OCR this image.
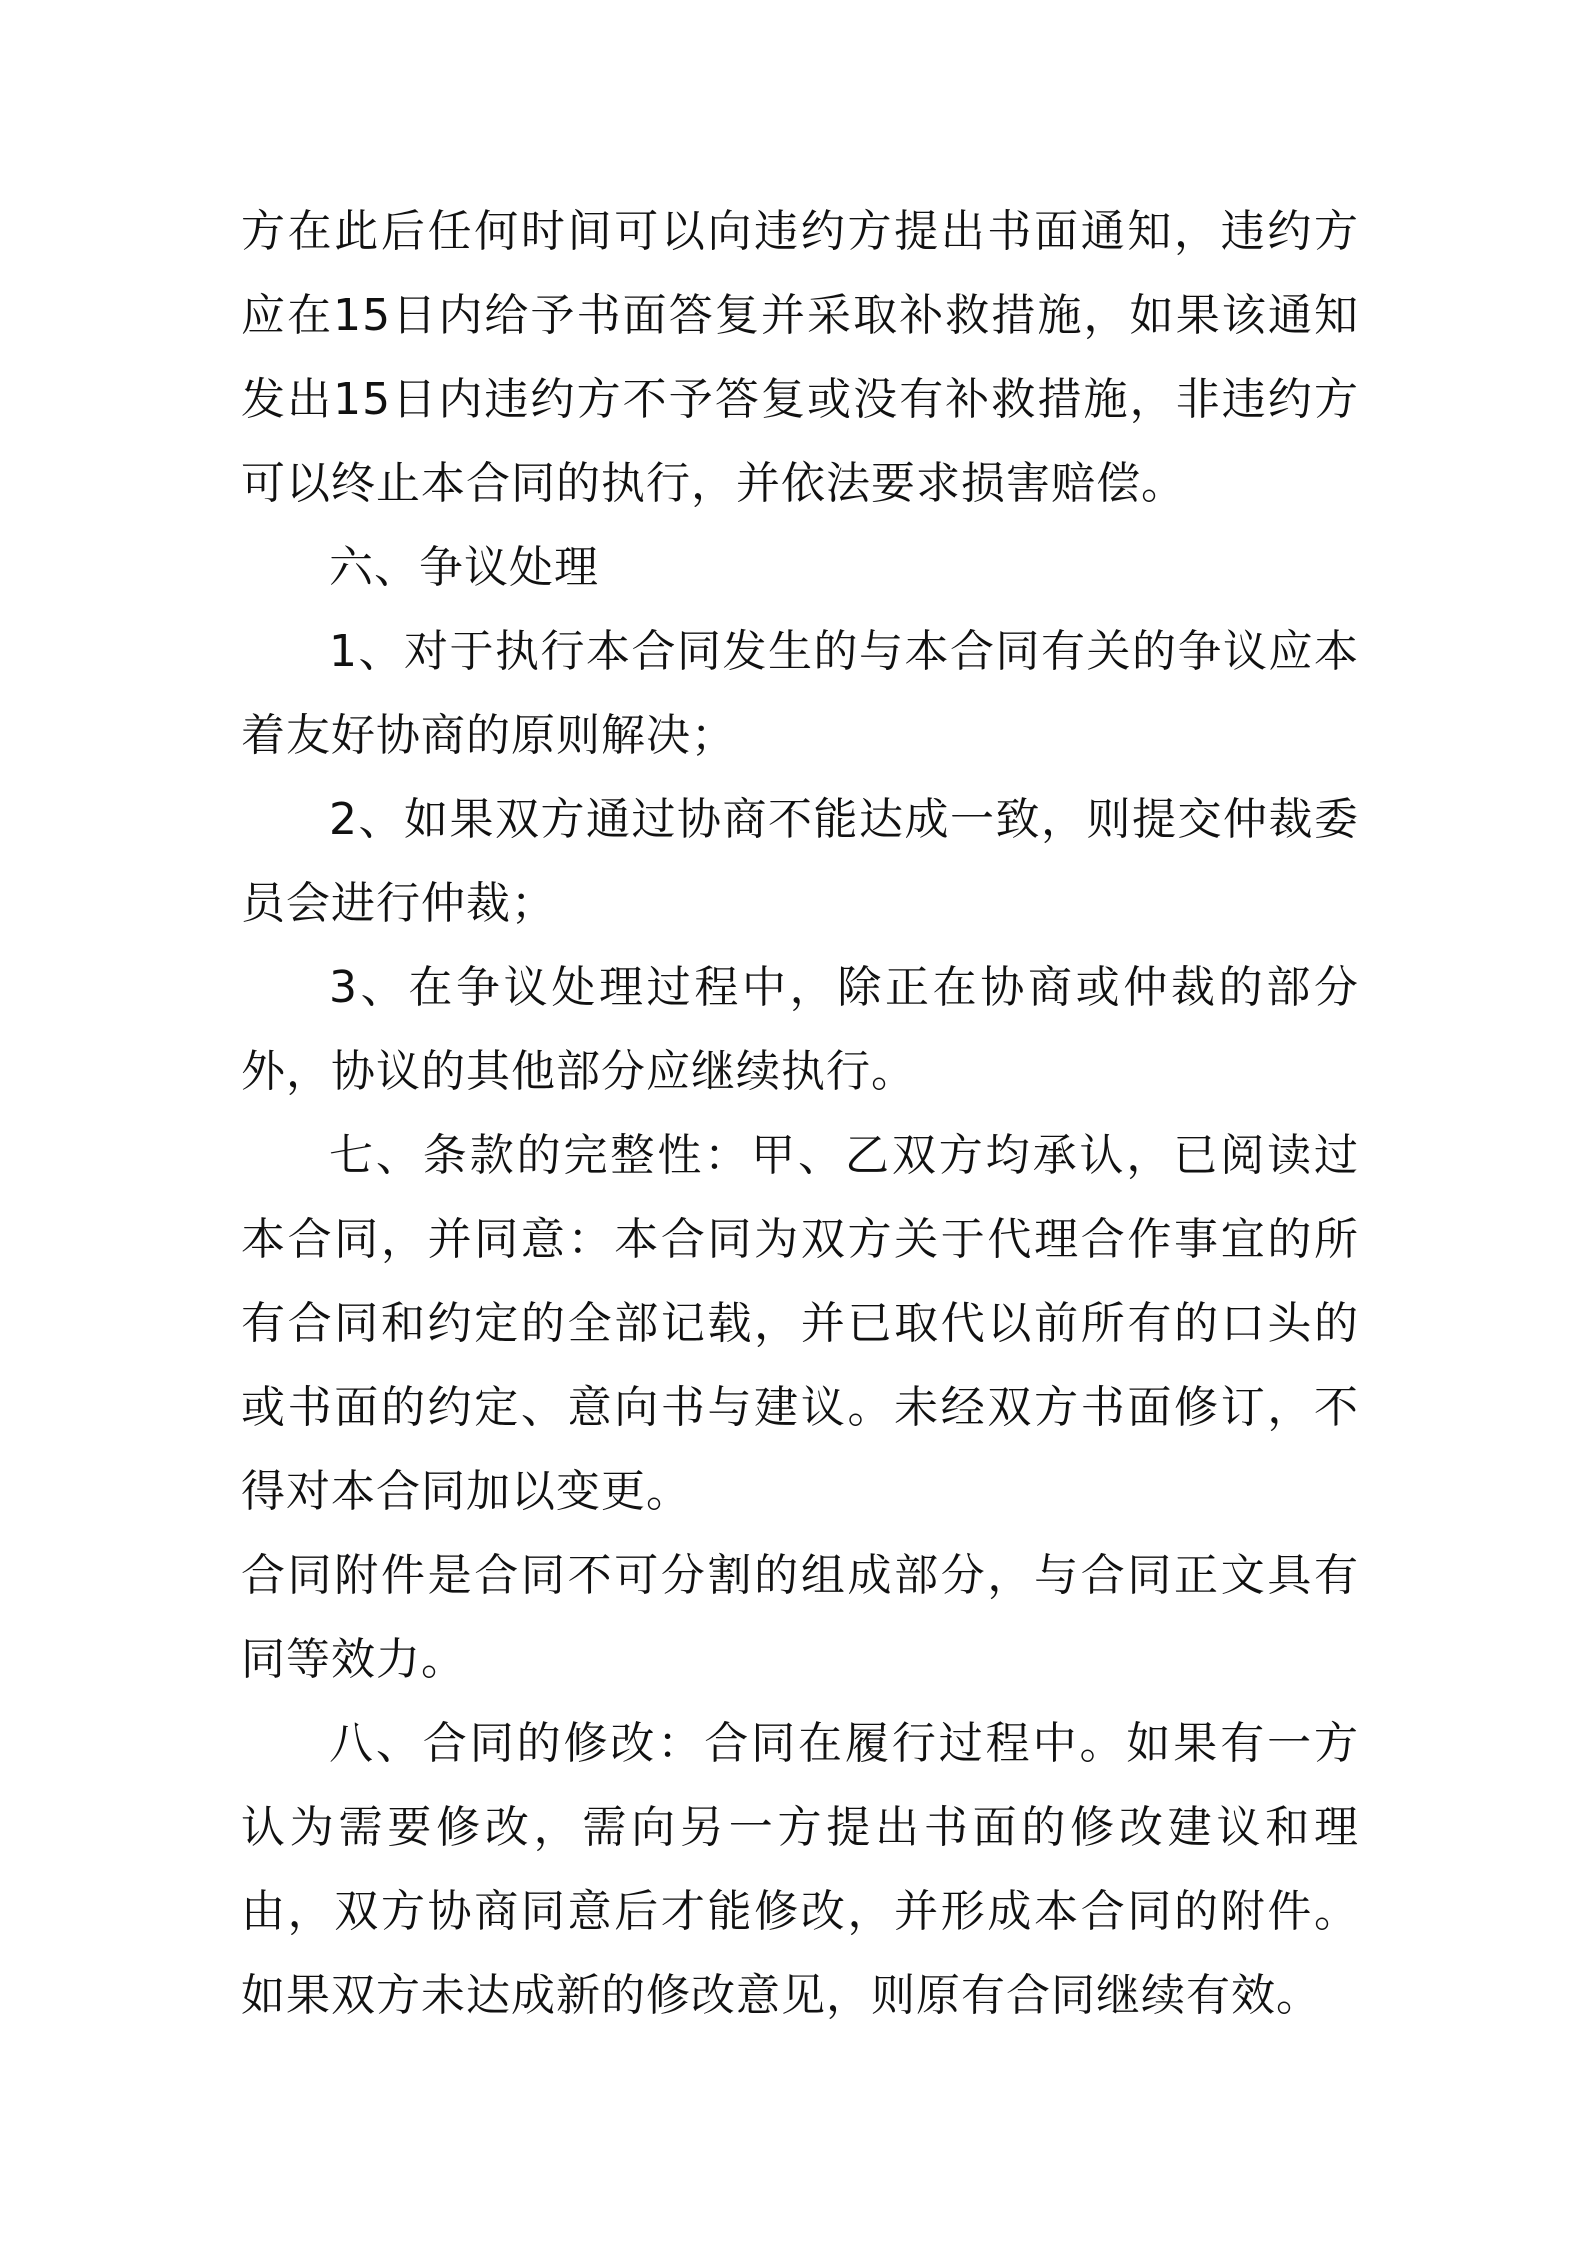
方在此后任何时间可以向违约方提出书面通知，违约方应在15日内给予书面答复并采取补救措施，如果该通知发出15日内违约方不予答复或没有补救措施，非违约方可以终止本合同的执行，并依法要求损害赔偿。

六、争议处理

1、对于执行本合同发生的与本合同有关的争议应本着友好协商的原则解决；

2、如果双方通过协商不能达成一致，则提交仲裁委员会进行仲裁；

3、在争议处理过程中，除正在协商或仲裁的部分外，协议的其他部分应继续执行。

七、条款的完整性：甲、乙双方均承认，已阅读过本合同，并同意：本合同为双方关于代理合作事宜的所有合同和约定的全部记载，并已取代以前所有的口头的或书面的约定、意向书与建议。未经双方书面修订，不得对本合同加以变更。

合同附件是合同不可分割的组成部分，与合同正文具有同等效力。

八、合同的修改：合同在履行过程中。如果有一方认为需要修改，需向另一方提出书面的修改建议和理由，双方协商同意后才能修改，并形成本合同的附件。如果双方未达成新的修改意见，则原有合同继续有效。
